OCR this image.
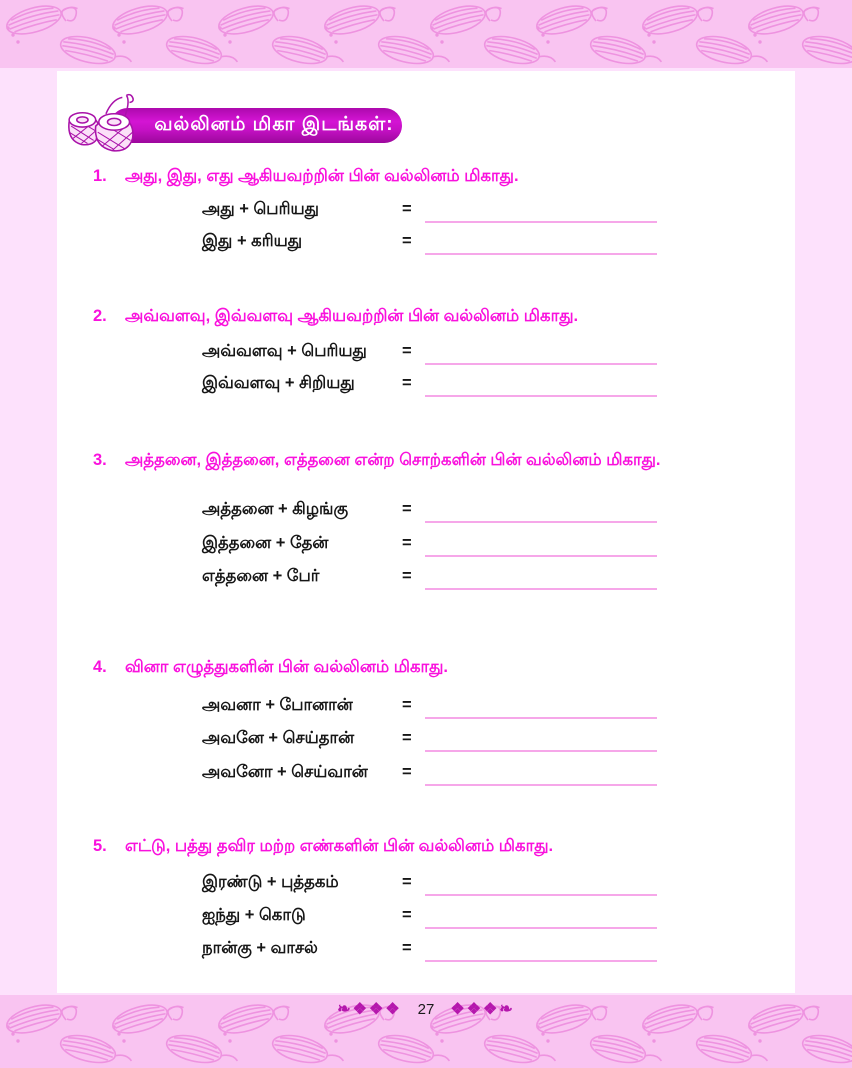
வல்லினம் மிகா இடங்கள்:
1.	அது, இது, எது ஆகியவற்றின் பின் வல்லினம் மிகாது.
அது + பெரியது	=
இது + கரியது	=
2.	அவ்வளவு, இவ்வளவு ஆகியவற்றின் பின் வல்லினம் மிகாது.
அவ்வளவு + பெரியது =
இவ்வளவு + சிறியது	=
3.	அத்தனை, இத்தனை, எத்தனை என்ற சொற்களின் பின் வல்லினம் மிகாது.
அத்தனை + கிழங்கு	=
இத்தனை + தேன்	=
எத்தனை + பேர்	=
4.	வினா எழுத்துகளின் பின் வல்லினம் மிகாது.
அவனா + போனான்	=
அவனே + செய்தான்	=
அவனோ + செய்வான் =
5.	எட்டு, பத்து தவிர மற்ற எண்களின் பின் வல்லினம் மிகாது.
இரண்டு + புத்தகம்	=
ஐந்து + கொடு	=
நான்கு + வாசல்	=
❧❖❖❖ 27 ❖❖❖❧
